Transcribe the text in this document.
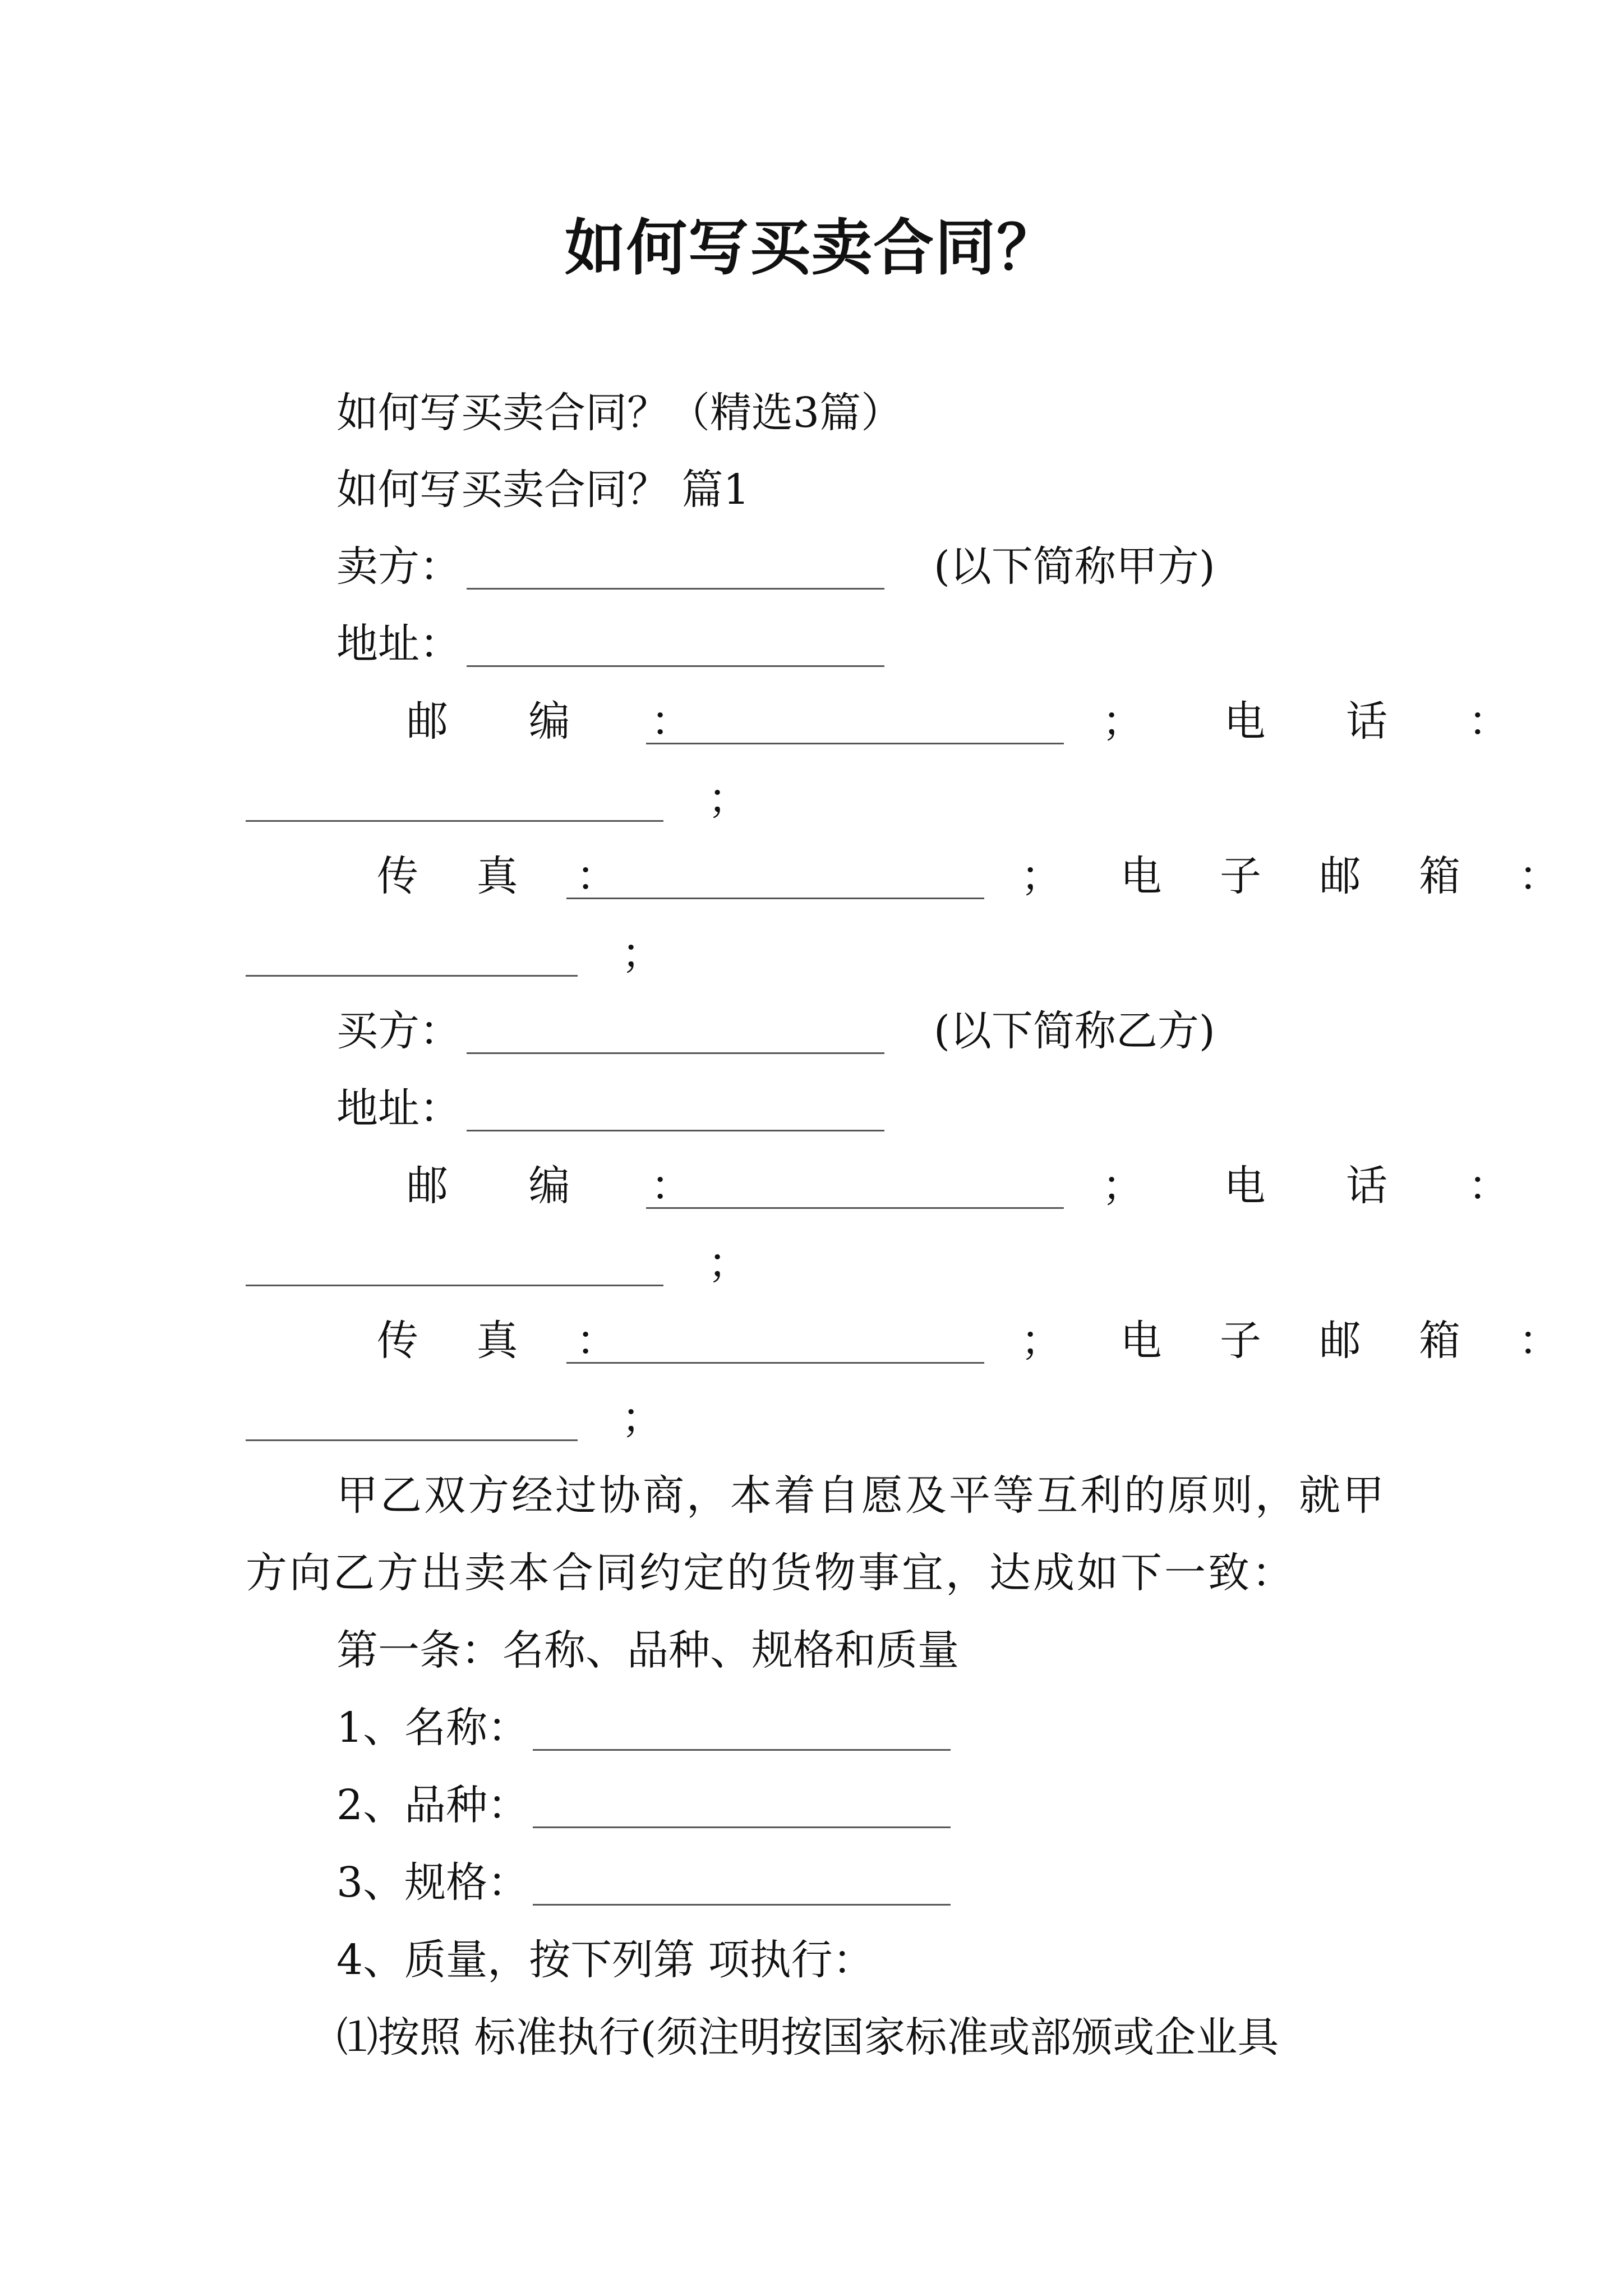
如何写买卖合同？
如何写买卖合同？（精选3篇）
如何写买卖合同？ 篇1
卖方：	(以下简称甲方)
地址：
邮 编 ：	； 电 话 ：
；
传 真 ：	； 电 子 邮 箱 ：
；
买方：	(以下简称乙方)
地址：
邮 编 ：	； 电 话 ：
；
传 真 ：	； 电 子 邮 箱 ：
；
甲乙双方经过协商，本着自愿及平等互利的原则，就甲
方向乙方出卖本合同约定的货物事宜，达成如下一致：
第一条：名称、品种、规格和质量
1、名称：
2、品种：
3、规格：
4、质量，按下列第 项执行：
⑴按照 标准执行(须注明按国家标准或部颁或企业具
